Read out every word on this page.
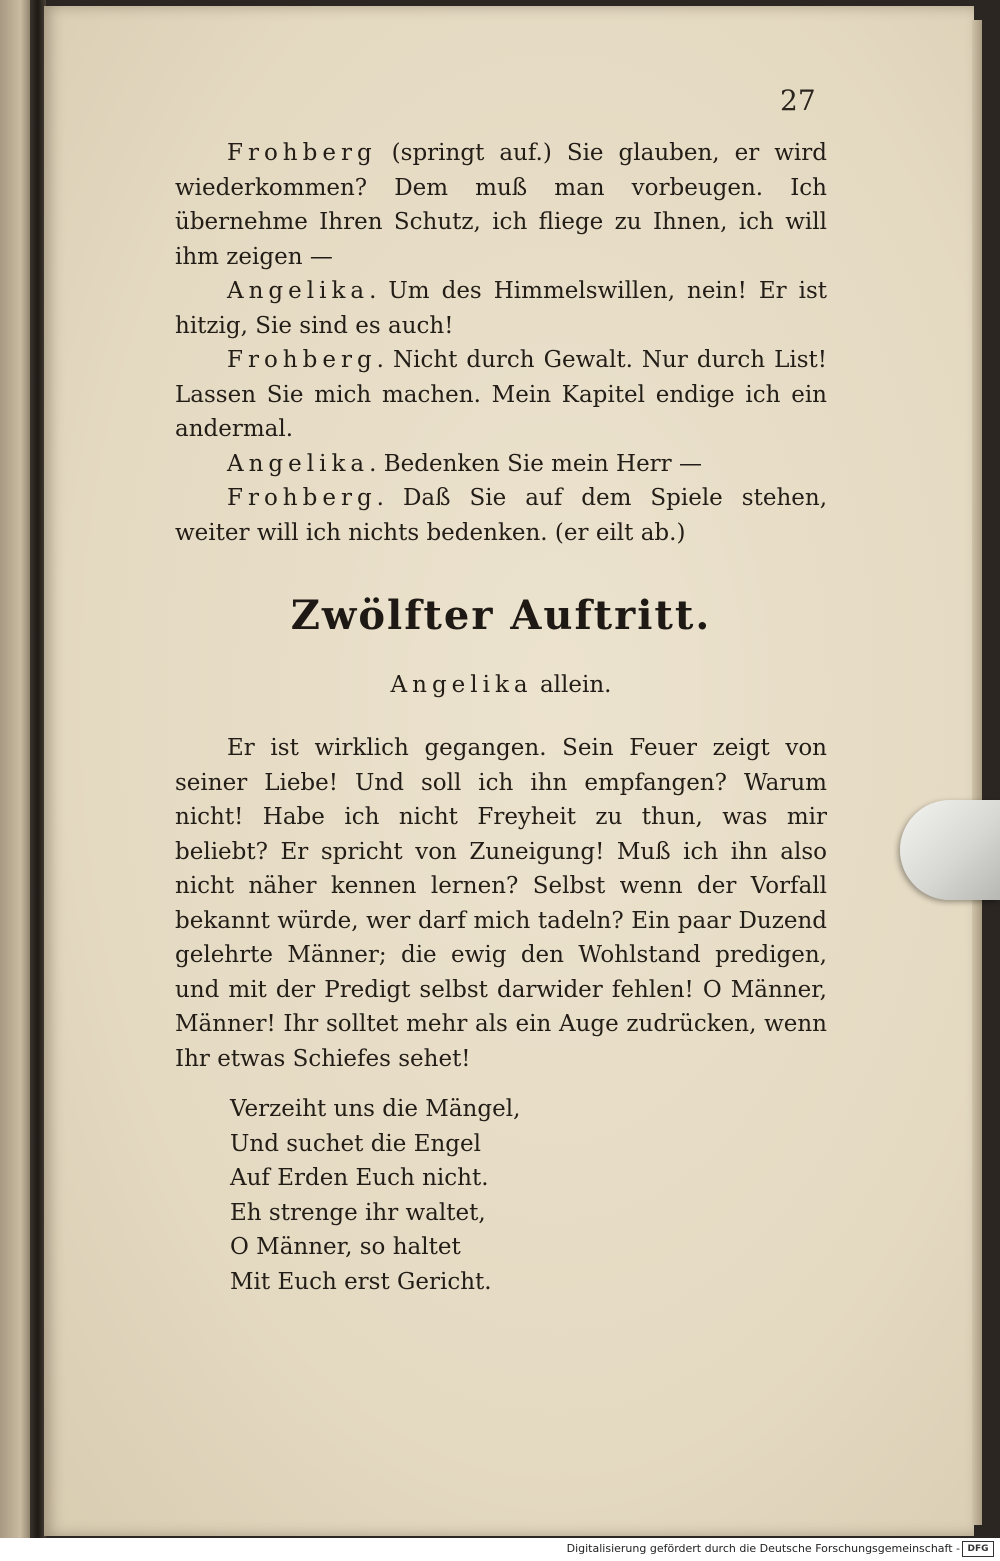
27

Frohberg (springt auf.) Sie glauben, er wird wiederkommen? Dem muß man vorbeugen. Ich übernehme Ihren Schutz, ich fliege zu Ihnen, ich will ihm zeigen —

Angelika. Um des Himmelswillen, nein! Er ist hitzig, Sie sind es auch!

Frohberg. Nicht durch Gewalt. Nur durch List! Lassen Sie mich machen. Mein Kapitel endige ich ein andermal.

Angelika. Bedenken Sie mein Herr —

Frohberg. Daß Sie auf dem Spiele stehen, weiter will ich nichts bedenken. (er eilt ab.)

Zwölfter Auftritt.
Angelika allein.

Er ist wirklich gegangen. Sein Feuer zeigt von seiner Liebe! Und soll ich ihn empfangen? Warum nicht! Habe ich nicht Freyheit zu thun, was mir beliebt? Er spricht von Zuneigung! Muß ich ihn also nicht näher kennen lernen? Selbst wenn der Vorfall bekannt würde, wer darf mich tadeln? Ein paar Duzend gelehrte Männer; die ewig den Wohlstand predigen, und mit der Predigt selbst darwider fehlen! O Männer, Männer! Ihr solltet mehr als ein Auge zudrücken, wenn Ihr etwas Schiefes sehet!

Verzeiht uns die Mängel,
Und suchet die Engel
Auf Erden Euch nicht.
Eh strenge ihr waltet,
O Männer, so haltet
Mit Euch erst Gericht.
Digitalisierung gefördert durch die Deutsche Forschungsgemeinschaft - DFG
